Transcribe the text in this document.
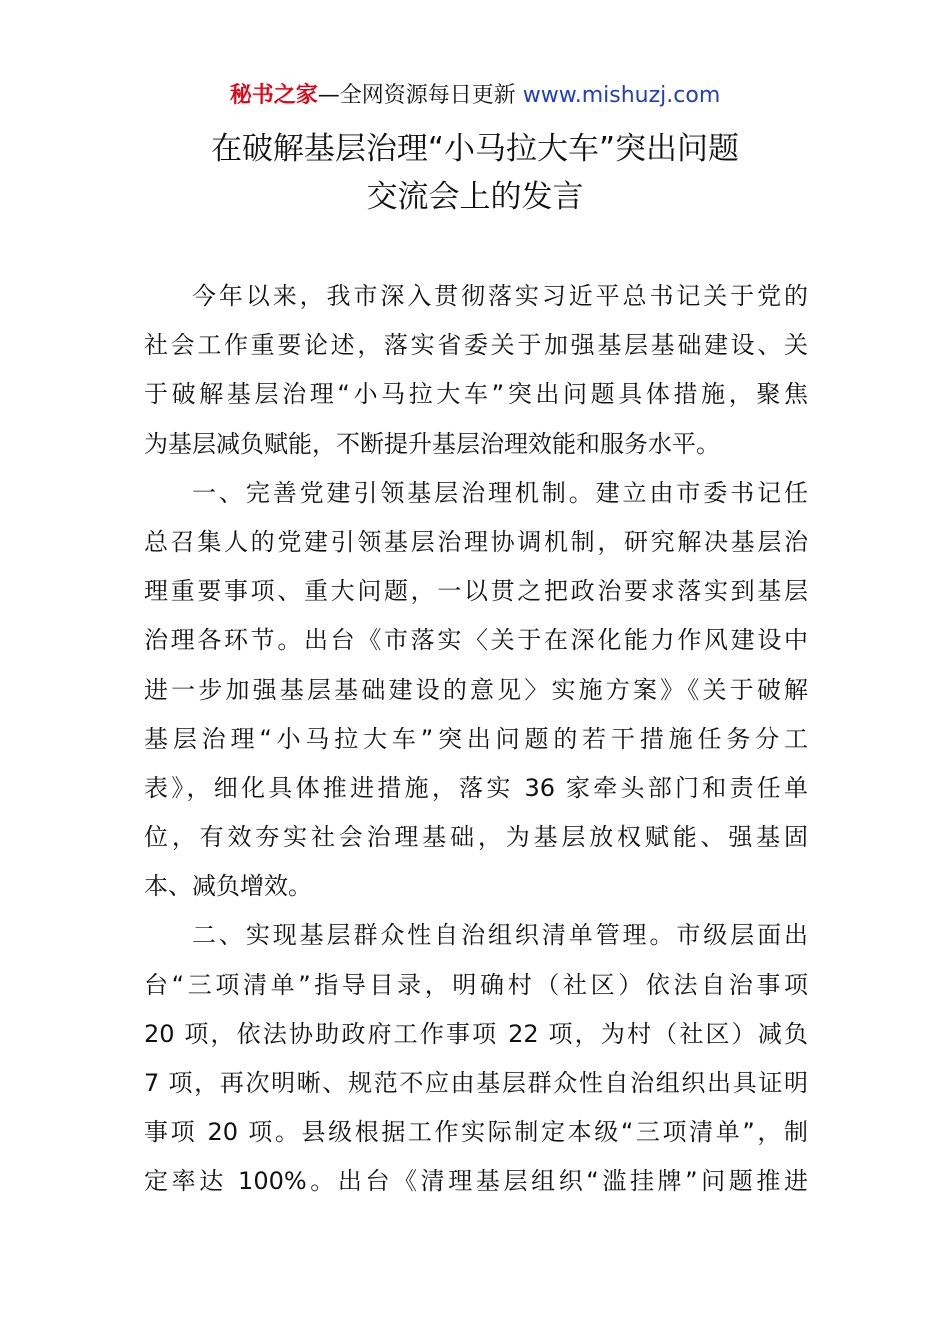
秘书之家—全网资源每日更新 www.mishuzj.com
在破解基层治理“小马拉大车”突出问题
交流会上的发言
今年以来，我市深入贯彻落实习近平总书记关于党的
社会工作重要论述，落实省委关于加强基层基础建设、关
于破解基层治理“小马拉大车”突出问题具体措施，聚焦
为基层减负赋能，不断提升基层治理效能和服务水平。
一、完善党建引领基层治理机制。建立由市委书记任
总召集人的党建引领基层治理协调机制，研究解决基层治
理重要事项、重大问题，一以贯之把政治要求落实到基层
治理各环节。出台《市落实〈关于在深化能力作风建设中
进一步加强基层基础建设的意见〉实施方案》《关于破解
基层治理“小马拉大车”突出问题的若干措施任务分工
表》，细化具体推进措施，落实 36 家牵头部门和责任单
位，有效夯实社会治理基础，为基层放权赋能、强基固
本、减负增效。
二、实现基层群众性自治组织清单管理。市级层面出
台“三项清单”指导目录，明确村（社区）依法自治事项
20 项，依法协助政府工作事项 22 项，为村（社区）减负
7 项，再次明晰、规范不应由基层群众性自治组织出具证明
事项 20 项。县级根据工作实际制定本级“三项清单”，制
定率达 100%。出台《清理基层组织“滥挂牌”问题推进
